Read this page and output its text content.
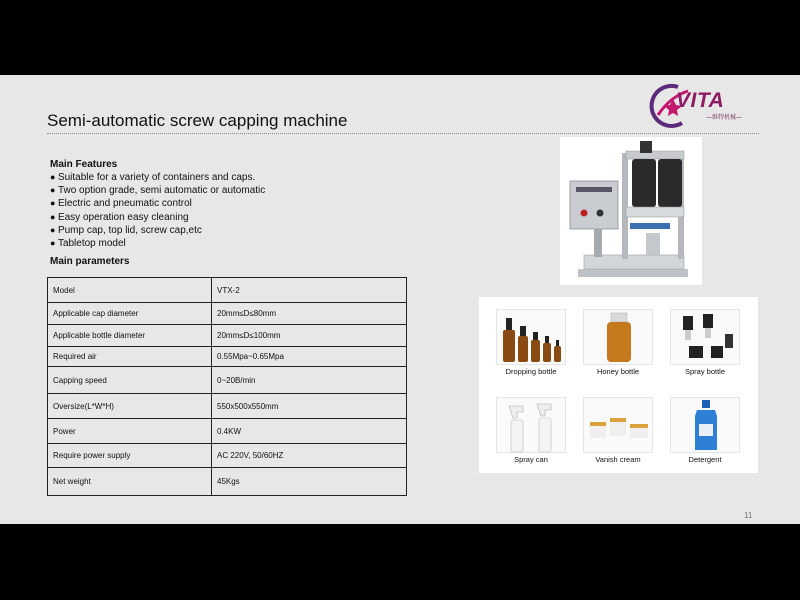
Semi-automatic screw capping machine
VITA
—维特机械—
Main Features
● Suitable for a variety of containers and caps.
● Two option grade, semi automatic or automatic
● Electric and pneumatic control
● Easy operation easy cleaning
● Pump cap, top lid, screw cap,etc
● Tabletop model
Main parameters
Model	VTX-2
Applicable cap diameter	20mm≤D≤80mm
Applicable bottle diameter	20mm≤D≤100mm
Required air	0.55Mpa~0.65Mpa
Capping speed	0~20B/min
Oversize(L*W*H)	550x500x550mm
Power	0.4KW
Require power supply	AC 220V, 50/60HZ
Net weight	45Kgs
Dropping bottle	Honey bottle	Spray bottle
Spray can	Vanish cream	Detergent
11
